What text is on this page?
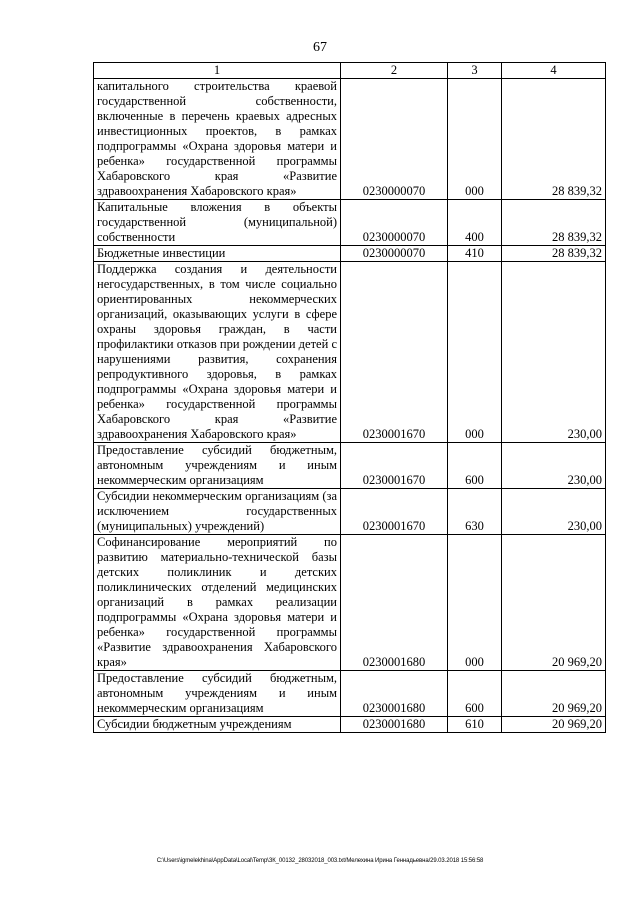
67
1	2	3	4
капитального строительства краевой государственной собственности, включенные в перечень краевых адресных инвестиционных проектов, в рамках подпрограммы «Охрана здоровья матери и ребенка» государственной программы Хабаровского края «Развитие здравоохранения Хабаровского края»	0230000070	000	28 839,32
Капитальные вложения в объекты государственной (муниципальной) собственности	0230000070	400	28 839,32
Бюджетные инвестиции	0230000070	410	28 839,32
Поддержка создания и деятельности негосударственных, в том числе социально ориентированных некоммерческих организаций, оказывающих услуги в сфере охраны здоровья граждан, в части профилактики отказов при рождении детей с нарушениями развития, сохранения репродуктивного здоровья, в рамках подпрограммы «Охрана здоровья матери и ребенка» государственной программы Хабаровского края «Развитие здравоохранения Хабаровского края»	0230001670	000	230,00
Предоставление субсидий бюджетным, автономным учреждениям и иным некоммерческим организациям	0230001670	600	230,00
Субсидии некоммерческим организациям (за исключением государственных (муниципальных) учреждений)	0230001670	630	230,00
Софинансирование мероприятий по развитию материально-технической базы детских поликлиник и детских поликлинических отделений медицинских организаций в рамках реализации подпрограммы «Охрана здоровья матери и ребенка» государственной программы «Развитие здравоохранения Хабаровского края»	0230001680	000	20 969,20
Предоставление субсидий бюджетным, автономным учреждениям и иным некоммерческим организациям	0230001680	600	20 969,20
Субсидии бюджетным учреждениям	0230001680	610	20 969,20
C:\Users\igmelekhina\AppData\Local\Temp\ЗК_00132_28032018_003.txt/Мелехина Ирина Геннадьевна/29.03.2018 15:56:58
